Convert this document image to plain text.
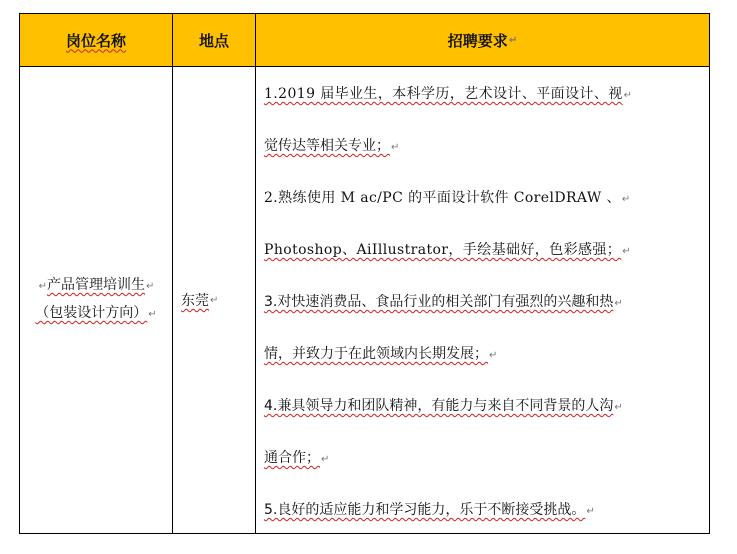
岗位名称	地点	招聘要求 ↵
↵产品管理培训生↵
（包装设计方向）↵
东莞 ↵
1.2019 届毕业生，本科学历，艺术设计、平面设计、视↵
觉传达等相关专业；↵
2.熟练使用 M ac/PC 的平面设计软件 CorelDRAW 、↵
Photoshop、AiIllustrator，手绘基础好，色彩感强；↵
3.对快速消费品、食品行业的相关部门有强烈的兴趣和热↵
情，并致力于在此领域内长期发展；↵
4.兼具领导力和团队精神，有能力与来自不同背景的人沟↵
通合作；↵
5.良好的适应能力和学习能力，乐于不断接受挑战。↵
